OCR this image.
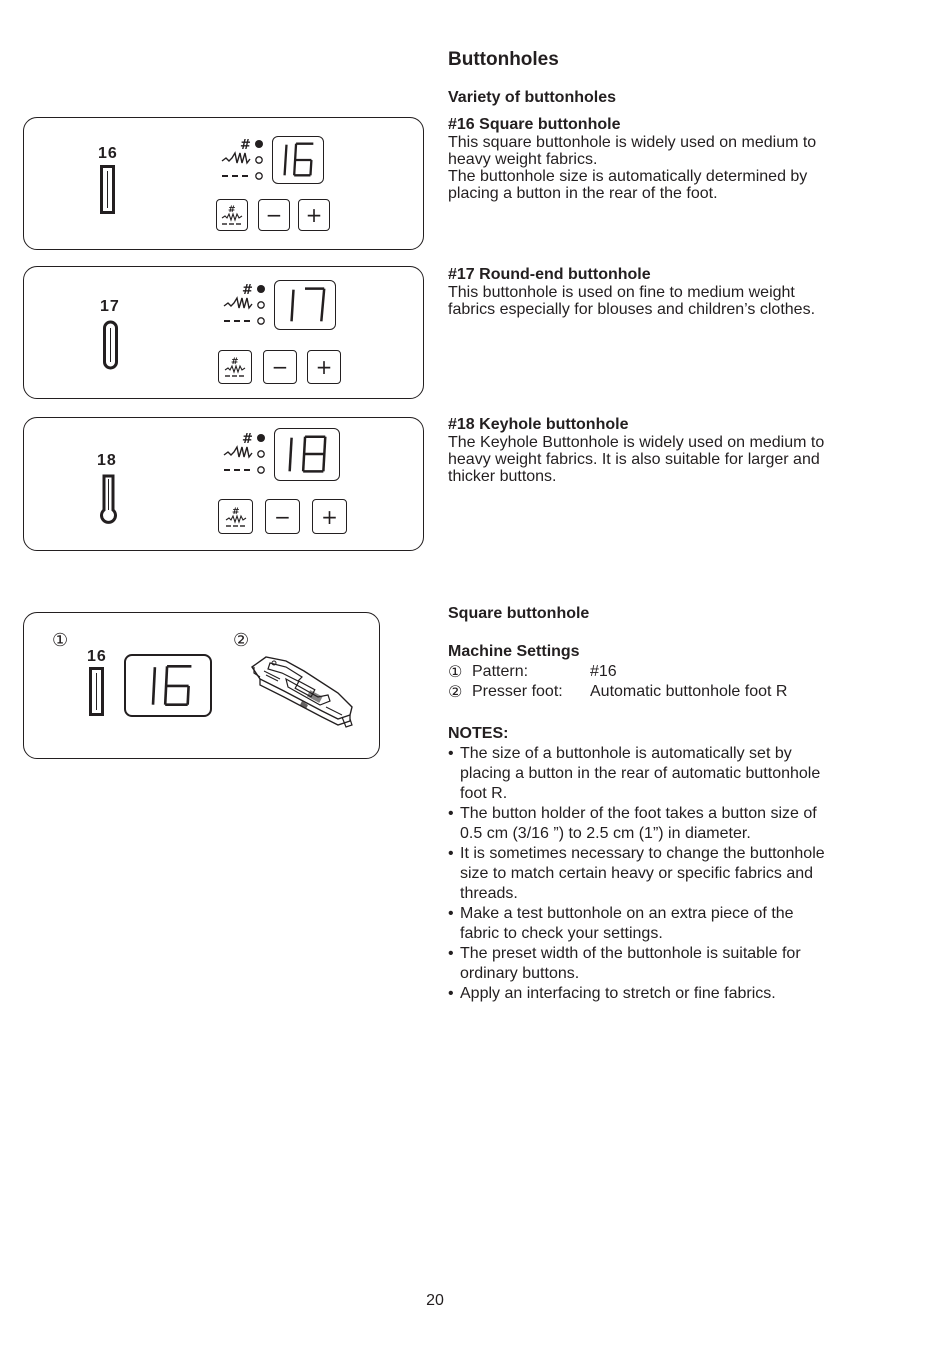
16	#
#	−	+
17
#
#	−	+
18
#
#	−	+
①	②
16
Buttonholes
Variety of buttonholes
#16 Square buttonhole
This square buttonhole is widely used on medium to
heavy weight fabrics.
The buttonhole size is automatically determined by
placing a button in the rear of the foot.
#17 Round-end buttonhole
This buttonhole is used on fine to medium weight
fabrics especially for blouses and children’s clothes.
#18 Keyhole buttonhole
The Keyhole Buttonhole is widely used on medium to
heavy weight fabrics. It is also suitable for larger and
thicker buttons.
Square buttonhole
Machine Settings
① Pattern:	#16
② Presser foot: Automatic buttonhole foot R
NOTES:
• The size of a buttonhole is automatically set by
placing a button in the rear of automatic buttonhole
foot R.
• The button holder of the foot takes a button size of
0.5 cm (3/16 ”) to 2.5 cm (1”) in diameter.
• It is sometimes necessary to change the buttonhole
size to match certain heavy or specific fabrics and
threads.
• Make a test buttonhole on an extra piece of the
fabric to check your settings.
• The preset width of the buttonhole is suitable for
ordinary buttons.
• Apply an interfacing to stretch or fine fabrics.
20
